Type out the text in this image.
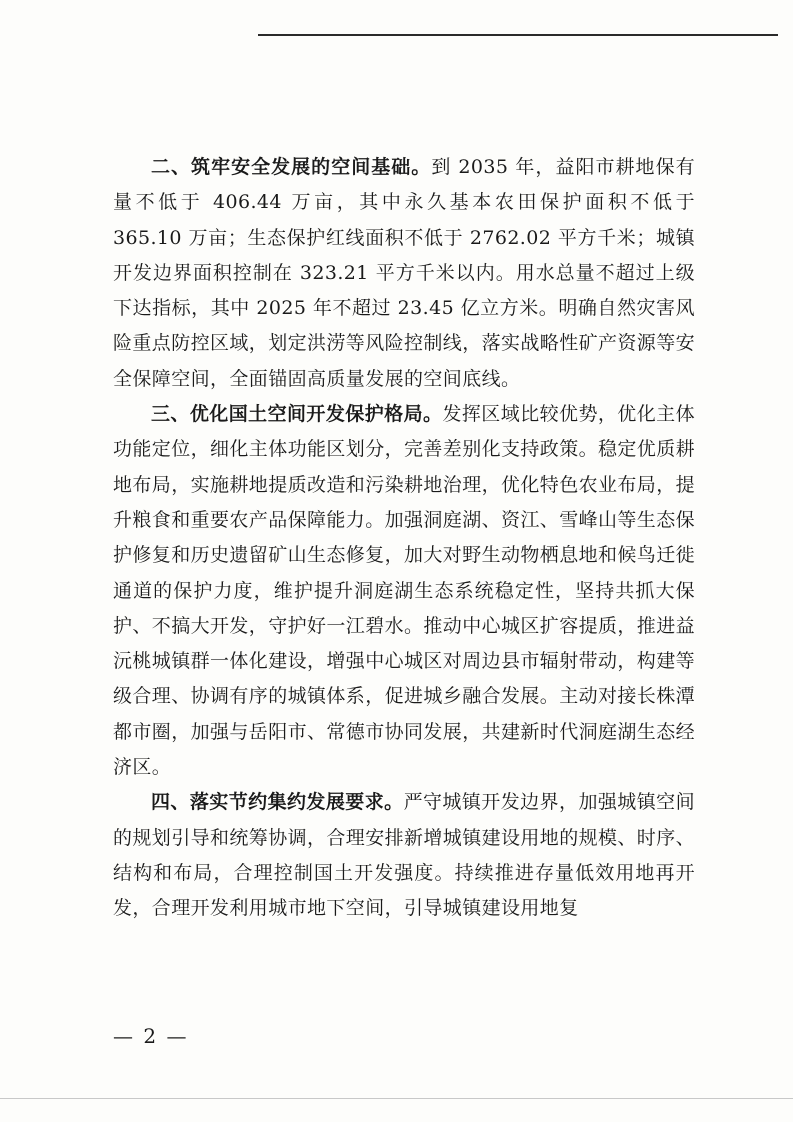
二、筑牢安全发展的空间基础。到 2035 年，益阳市耕地保有量不低于 406.44 万亩，其中永久基本农田保护面积不低于 365.10 万亩；生态保护红线面积不低于 2762.02 平方千米；城镇开发边界面积控制在 323.21 平方千米以内。用水总量不超过上级下达指标，其中 2025 年不超过 23.45 亿立方米。明确自然灾害风险重点防控区域，划定洪涝等风险控制线，落实战略性矿产资源等安全保障空间，全面锚固高质量发展的空间底线。

三、优化国土空间开发保护格局。发挥区域比较优势，优化主体功能定位，细化主体功能区划分，完善差别化支持政策。稳定优质耕地布局，实施耕地提质改造和污染耕地治理，优化特色农业布局，提升粮食和重要农产品保障能力。加强洞庭湖、资江、雪峰山等生态保护修复和历史遗留矿山生态修复，加大对野生动物栖息地和候鸟迁徙通道的保护力度，维护提升洞庭湖生态系统稳定性，坚持共抓大保护、不搞大开发，守护好一江碧水。推动中心城区扩容提质，推进益沅桃城镇群一体化建设，增强中心城区对周边县市辐射带动，构建等级合理、协调有序的城镇体系，促进城乡融合发展。主动对接长株潭都市圈，加强与岳阳市、常德市协同发展，共建新时代洞庭湖生态经济区。

四、落实节约集约发展要求。严守城镇开发边界，加强城镇空间的规划引导和统筹协调，合理安排新增城镇建设用地的规模、时序、结构和布局，合理控制国土开发强度。持续推进存量低效用地再开发，合理开发利用城市地下空间，引导城镇建设用地复

— 2 —
